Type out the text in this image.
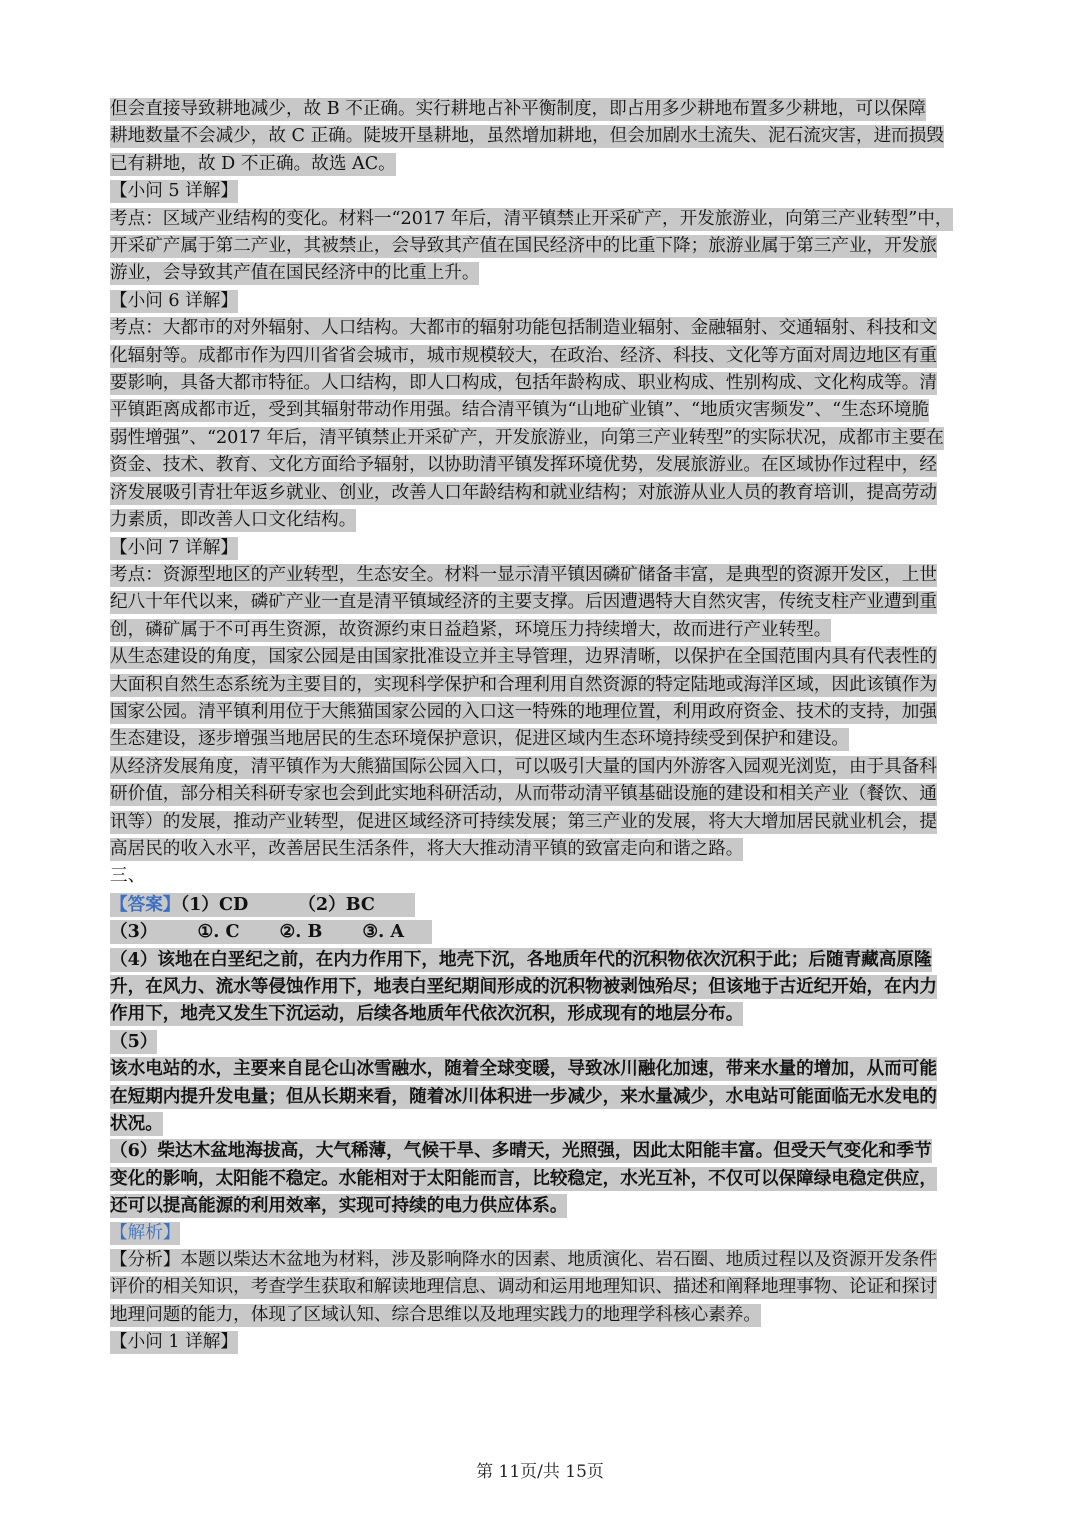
但会直接导致耕地减少，故 B 不正确。实行耕地占补平衡制度，即占用多少耕地布置多少耕地，可以保障
耕地数量不会减少，故 C 正确。陡坡开垦耕地，虽然增加耕地，但会加剧水土流失、泥石流灾害，进而损毁
已有耕地，故 D 不正确。故选 AC。
【小问 5 详解】
考点：区域产业结构的变化。材料一“2017 年后，清平镇禁止开采矿产，开发旅游业，向第三产业转型”中，
开采矿产属于第二产业，其被禁止，会导致其产值在国民经济中的比重下降；旅游业属于第三产业，开发旅
游业，会导致其产值在国民经济中的比重上升。
【小问 6 详解】
考点：大都市的对外辐射、人口结构。大都市的辐射功能包括制造业辐射、金融辐射、交通辐射、科技和文
化辐射等。成都市作为四川省省会城市，城市规模较大，在政治、经济、科技、文化等方面对周边地区有重
要影响，具备大都市特征。人口结构，即人口构成，包括年龄构成、职业构成、性别构成、文化构成等。清
平镇距离成都市近，受到其辐射带动作用强。结合清平镇为“山地矿业镇”、“地质灾害频发”、“生态环境脆
弱性增强”、“2017 年后，清平镇禁止开采矿产，开发旅游业，向第三产业转型”的实际状况，成都市主要在
资金、技术、教育、文化方面给予辐射，以协助清平镇发挥环境优势，发展旅游业。在区域协作过程中，经
济发展吸引青壮年返乡就业、创业，改善人口年龄结构和就业结构；对旅游从业人员的教育培训，提高劳动
力素质，即改善人口文化结构。
【小问 7 详解】
考点：资源型地区的产业转型，生态安全。材料一显示清平镇因磷矿储备丰富，是典型的资源开发区，上世
纪八十年代以来，磷矿产业一直是清平镇域经济的主要支撑。后因遭遇特大自然灾害，传统支柱产业遭到重
创，磷矿属于不可再生资源，故资源约束日益趋紧，环境压力持续增大，故而进行产业转型。
从生态建设的角度，国家公园是由国家批准设立并主导管理，边界清晰，以保护在全国范围内具有代表性的
大面积自然生态系统为主要目的，实现科学保护和合理利用自然资源的特定陆地或海洋区域，因此该镇作为
国家公园。清平镇利用位于大熊猫国家公园的入口这一特殊的地理位置，利用政府资金、技术的支持，加强
生态建设，逐步增强当地居民的生态环境保护意识，促进区域内生态环境持续受到保护和建设。
从经济发展角度，清平镇作为大熊猫国际公园入口，可以吸引大量的国内外游客入园观光浏览，由于具备科
研价值，部分相关科研专家也会到此实地科研活动，从而带动清平镇基础设施的建设和相关产业（餐饮、通
讯等）的发展，推动产业转型，促进区域经济可持续发展；第三产业的发展，将大大增加居民就业机会，提
高居民的收入水平，改善居民生活条件，将大大推动清平镇的致富走向和谐之路。
三、
【答案】（1）CD	（2）BC
（3） ①. C ②. B ③. A
（4）该地在白垩纪之前，在内力作用下，地壳下沉，各地质年代的沉积物依次沉积于此；后随青藏高原隆
升，在风力、流水等侵蚀作用下，地表白垩纪期间形成的沉积物被剥蚀殆尽；但该地于古近纪开始，在内力
作用下，地壳又发生下沉运动，后续各地质年代依次沉积，形成现有的地层分布。
（5）
该水电站的水，主要来自昆仑山冰雪融水，随着全球变暖，导致冰川融化加速，带来水量的增加，从而可能
在短期内提升发电量；但从长期来看，随着冰川体积进一步减少，来水量减少，水电站可能面临无水发电的
状况。
（6）柴达木盆地海拔高，大气稀薄，气候干旱、多晴天，光照强，因此太阳能丰富。但受天气变化和季节
变化的影响，太阳能不稳定。水能相对于太阳能而言，比较稳定，水光互补，不仅可以保障绿电稳定供应，
还可以提高能源的利用效率，实现可持续的电力供应体系。
【解析】
【分析】本题以柴达木盆地为材料，涉及影响降水的因素、地质演化、岩石圈、地质过程以及资源开发条件
评价的相关知识，考查学生获取和解读地理信息、调动和运用地理知识、描述和阐释地理事物、论证和探讨
地理问题的能力，体现了区域认知、综合思维以及地理实践力的地理学科核心素养。
【小问 1 详解】
第 11页/共 15页
